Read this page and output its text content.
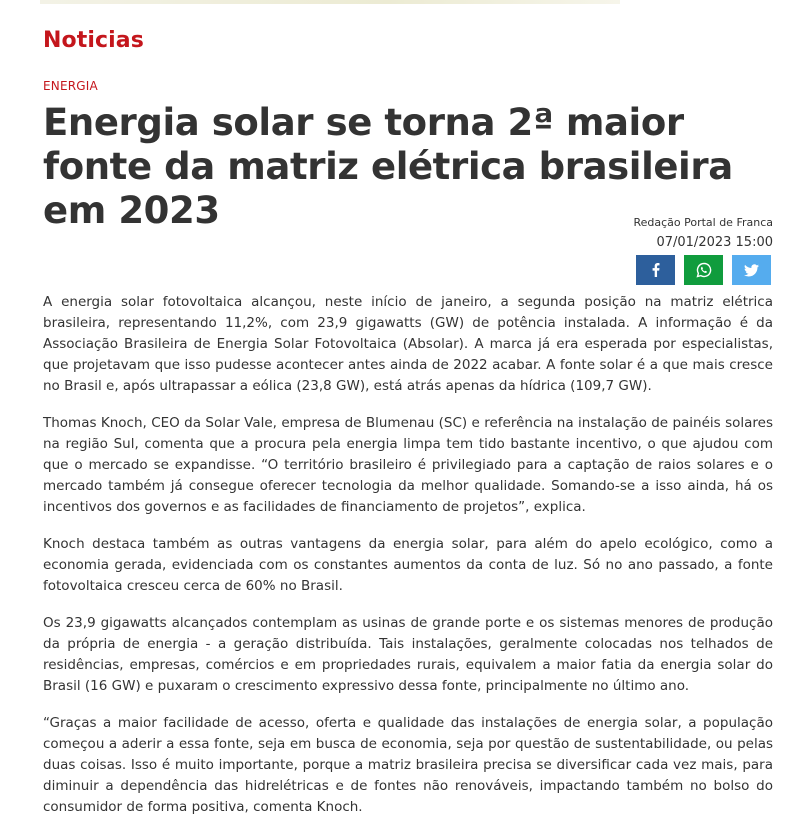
Noticias
ENERGIA
Energia solar se torna 2ª maior fonte da matriz elétrica brasileira em 2023	Redação Portal de Franca
07/01/2023 15:00

A energia solar fotovoltaica alcançou, neste início de janeiro, a segunda posição na matriz elétrica brasileira, representando 11,2%, com 23,9 gigawatts (GW) de potência instalada. A informação é da Associação Brasileira de Energia Solar Fotovoltaica (Absolar). A marca já era esperada por especialistas, que projetavam que isso pudesse acontecer antes ainda de 2022 acabar. A fonte solar é a que mais cresce no Brasil e, após ultrapassar a eólica (23,8 GW), está atrás apenas da hídrica (109,7 GW).

Thomas Knoch, CEO da Solar Vale, empresa de Blumenau (SC) e referência na instalação de painéis solares na região Sul, comenta que a procura pela energia limpa tem tido bastante incentivo, o que ajudou com que o mercado se expandisse. “O território brasileiro é privilegiado para a captação de raios solares e o mercado também já consegue oferecer tecnologia da melhor qualidade. Somando-se a isso ainda, há os incentivos dos governos e as facilidades de financiamento de projetos”, explica.

Knoch destaca também as outras vantagens da energia solar, para além do apelo ecológico, como a economia gerada, evidenciada com os constantes aumentos da conta de luz. Só no ano passado, a fonte fotovoltaica cresceu cerca de 60% no Brasil.

Os 23,9 gigawatts alcançados contemplam as usinas de grande porte e os sistemas menores de produção da própria de energia - a geração distribuída. Tais instalações, geralmente colocadas nos telhados de residências, empresas, comércios e em propriedades rurais, equivalem a maior fatia da energia solar do Brasil (16 GW) e puxaram o crescimento expressivo dessa fonte, principalmente no último ano.

“Graças a maior facilidade de acesso, oferta e qualidade das instalações de energia solar, a população começou a aderir a essa fonte, seja em busca de economia, seja por questão de sustentabilidade, ou pelas duas coisas. Isso é muito importante, porque a matriz brasileira precisa se diversificar cada vez mais, para diminuir a dependência das hidrelétricas e de fontes não renováveis, impactando também no bolso do consumidor de forma positiva, comenta Knoch.
